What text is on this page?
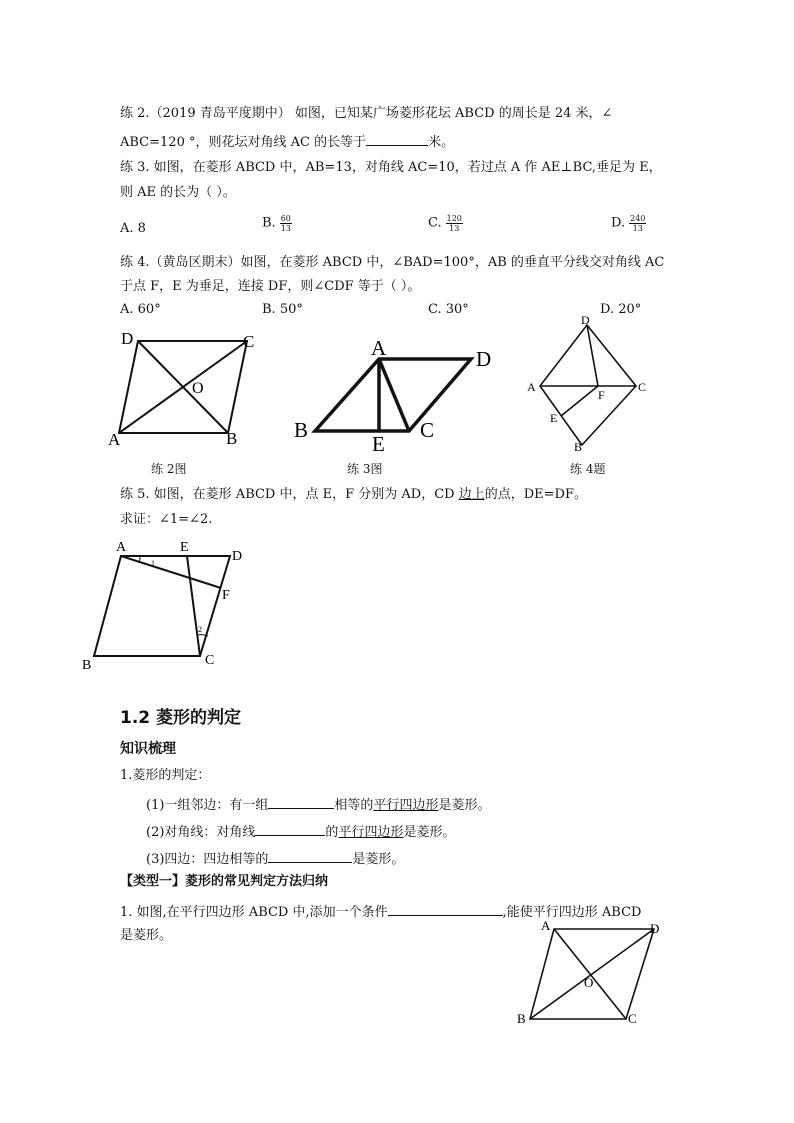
练 2.（2019 青岛平度期中） 如图，已知某广场菱形花坛 ABCD 的周长是 24 米，∠
ABC=120 °，则花坛对角线 AC 的长等于	米。
练 3. 如图，在菱形 ABCD 中，AB=13，对角线 AC=10，若过点 A 作 AE⊥BC,垂足为 E，
则 AE 的长为（ ）。
A. 8	B. $\frac{60}{13}$	C. $\frac{120}{13}$	D. $\frac{240}{13}$
练 4.（黄岛区期末）如图，在菱形 ABCD 中，∠BAD=100°，AB 的垂直平分线交对角线 AC
于点 F，E 为垂足，连接 DF，则∠CDF 等于（ ）。
A. 60°	B. 50°	C. 30°	D. 20°
D	C
O
A	B
练 2图
A	D
B
E
C
练 3图
D
A
F
C
E
B
练 4题
练 5. 如图，在菱形 ABCD 中，点 E，F 分别为 AD，CD 边上的点，DE=DF。
求证：∠1=∠2.
A	E
D
F
B	C
1
2
1.2 菱形的判定
知识梳理
1.菱形的判定：
(1)一组邻边：有一组	相等的平行四边形是菱形。
(2)对角线：对角线	的平行四边形是菱形。
(3)四边：四边相等的	是菱形。
【类型一】菱形的常见判定方法归纳
1. 如图,在平行四边形 ABCD 中,添加一个条件	,能使平行四边形 ABCD
是菱形。
A	D
O
B	C
